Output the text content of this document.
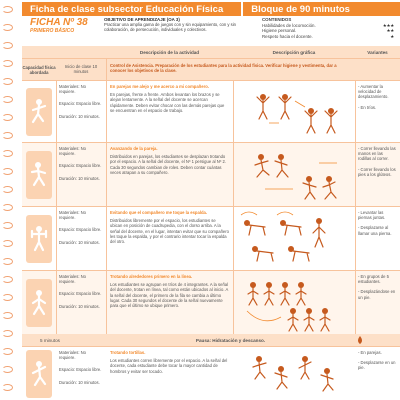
Ficha de clase subsector Educación Física	Bloque de 90 minutos
FICHA Nº 38
PRIMERO BÁSICO
OBJETIVO DE APRENDIZAJE (OA 3)
Practicar una amplia gama de juegos con y sin equipamiento, con y sin colaboración, de persecución, individuales y colectivos.
CONTENIDOS
Habilidades de locomoción.	★★★
Higiene personal.	★★
Respeto hacia el docente.	★
Descripción de la actividad	Descripción gráfica	Variantes
Capacidad física abordada
Inicio de clase 10 minutos
Control de Asistencia. Preparación de los estudiantes para la actividad física. Verificar higiene y vestimenta, dar a conocer los objetivos de la clase.
Materiales: No requiere.
Espacio: Espacio libre.
Duración: 10 minutos.
En parejas me alejo y me acerco a mi compañero.
En parejas, frente a frente. Ambos levantan los brazos y se alejan lentamente. A la señal del docente se acercan rápidamente. Deben evitar chocar con las demás parejas que se encuentran en el espacio de trabajo.
- Aumentar la velocidad de desplazamiento.
- En tríos.
Materiales: No requiere.
Espacio: Espacio libre.
Duración: 10 minutos.
Avanzando de la pareja.
Distribuidos en parejas, los estudiantes se desplazan trotando por el espacio. A la señal del docente, el Nº 1 persigue al Nº 2. Cada 30 segundos cambian de roles. Deben contar cuántas veces atrapan a su compañero.
- Correr llevando las manos en las rodillas al correr.
- Correr llevando los pies a los glúteos.
Materiales: No requiere.
Espacio: Espacio libre.
Duración: 10 minutos.
Evitando que el compañero me toque la espalda.
Distribuidos libremente por el espacio, los estudiantes se ubican en posición de cuadrupedia, con el dorso arriba. A la señal del docente, en el lugar, intentan evitar que su compañero les toque la espalda, y por el contrario intentar tocar la espalda del otro.
- Levantar las piernas juntas.
- Desplazarse al llamar una pierna.
Materiales: No requiere.
Espacio: Espacio libre.
Duración: 10 minutos.
Trotando alrededores primero en la línea.
Los estudiantes se agrupan en tríos de 4 integrantes. A la señal del docente, trotan en línea, tal como están ubicados al inicio. A la señal del docente, el primero de la fila se cambia a último lugar. Cada 30 segundos el docente de la señal nuevamente para que el último se ubique primero.
- En grupos de 5 estudiantes.
- Desplazándose en un pie.
5 minutos	Pausa: Hidratación y descanso.
Materiales: No requiere.
Espacio: Espacio libre.
Duración: 10 minutos.
Trotando tortillas.
Los estudiantes corren libremente por el espacio. A la señal del docente, cada estudiante debe tocar la mayor cantidad de hombros y evitar ser tocado.
- En parejas.
- Desplazarse en un pie.
